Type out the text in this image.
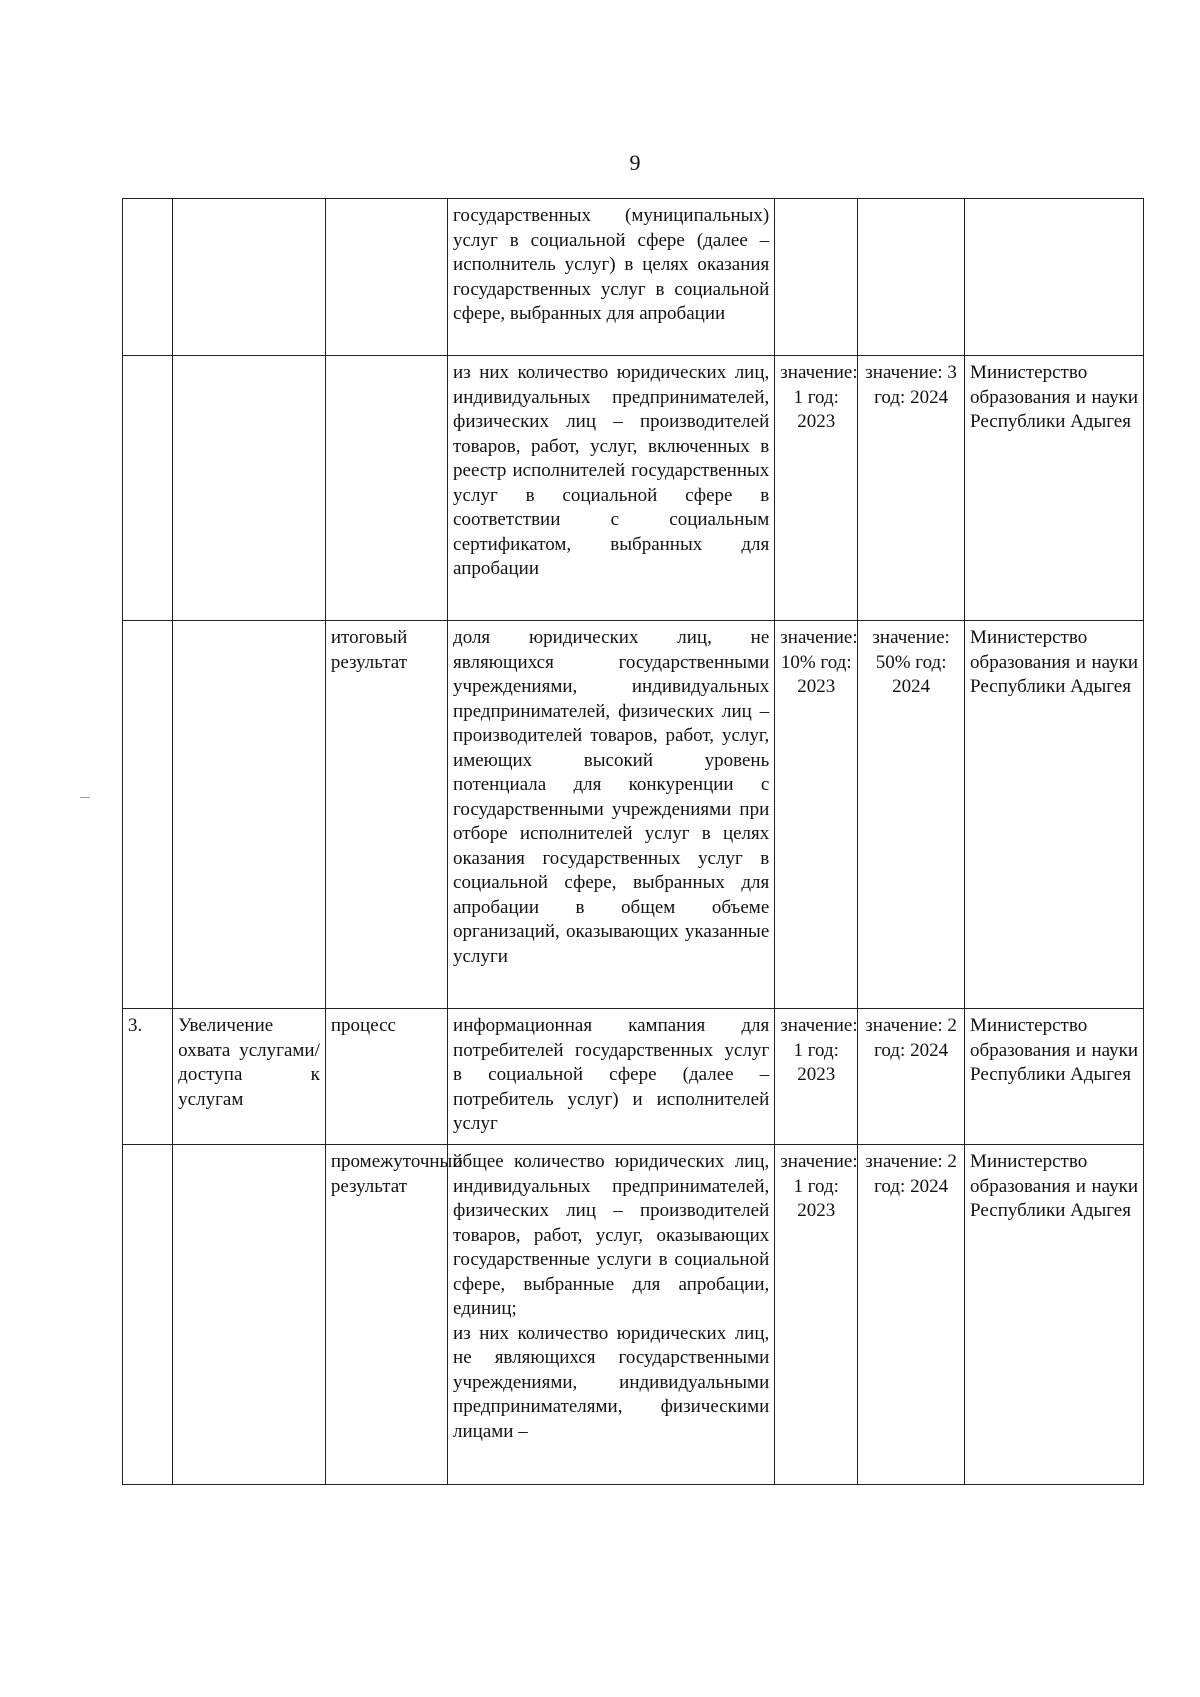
9
			государственных (муниципальных) услуг в социальной сфере (далее – исполнитель услуг) в целях оказания государственных услуг в социальной сфере, выбранных для апробации			
			из них количество юридических лиц, индивидуальных предпринимателей, физических лиц – производителей товаров, работ, услуг, включенных в реестр исполнителей государственных услуг в социальной сфере в соответствии с социальным сертификатом, выбранных для апробации	значение: 1 год: 2023	значение: 3 год: 2024	Министерство образования и науки Республики Адыгея
		итоговый результат	доля юридических лиц, не являющихся государственными учреждениями, индивидуальных предпринимателей, физических лиц – производителей товаров, работ, услуг, имеющих высокий уровень потенциала для конкуренции с государственными учреждениями при отборе исполнителей услуг в целях оказания государственных услуг в социальной сфере, выбранных для апробации в общем объеме организаций, оказывающих указанные услуги	значение: 10% год: 2023	значение: 50% год: 2024	Министерство образования и науки Республики Адыгея
3.	Увеличение охвата услугами/доступа к услугам	процесс	информационная кампания для потребителей государственных услуг в социальной сфере (далее – потребитель услуг) и исполнителей услуг	значение: 1 год: 2023	значение: 2 год: 2024	Министерство образования и науки Республики Адыгея
		промежуточный результат	общее количество юридических лиц, индивидуальных предпринимателей, физических лиц – производителей товаров, работ, услуг, оказывающих государственные услуги в социальной сфере, выбранные для апробации, единиц;
из них количество юридических лиц, не являющихся государственными учреждениями, индивидуальными предпринимателями, физическими лицами –	значение: 1 год: 2023	значение: 2 год: 2024	Министерство образования и науки Республики Адыгея
